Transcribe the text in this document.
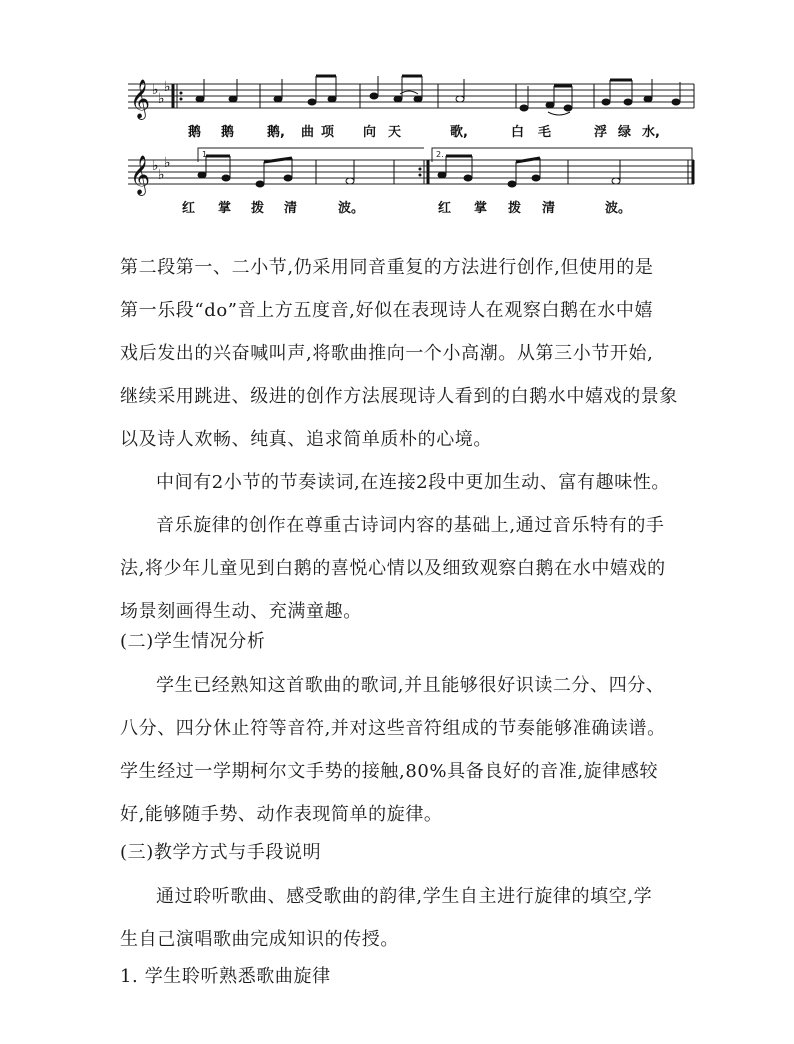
𝄞
𝄞
♭
♭
♭
♭
♭
♭
1.	2.
鹅 鹅	鹅, 曲 项 向 天	歌,	白 毛	浮 绿 水,
红 掌 拨 清	波。	红 掌 拨 清	波。

第二段第一、二小节,仍采用同音重复的方法进行创作,但使用的是
第一乐段“do”音上方五度音,好似在表现诗人在观察白鹅在水中嬉
戏后发出的兴奋喊叫声,将歌曲推向一个小高潮。从第三小节开始,
继续采用跳进、级进的创作方法展现诗人看到的白鹅水中嬉戏的景象
以及诗人欢畅、纯真、追求简单质朴的心境。

中间有2小节的节奏读词,在连接2段中更加生动、富有趣味性。

音乐旋律的创作在尊重古诗词内容的基础上,通过音乐特有的手
法,将少年儿童见到白鹅的喜悦心情以及细致观察白鹅在水中嬉戏的
场景刻画得生动、充满童趣。

(二)学生情况分析

学生已经熟知这首歌曲的歌词,并且能够很好识读二分、四分、
八分、四分休止符等音符,并对这些音符组成的节奏能够准确读谱。
学生经过一学期柯尔文手势的接触,80%具备良好的音准,旋律感较
好,能够随手势、动作表现简单的旋律。

(三)教学方式与手段说明

通过聆听歌曲、感受歌曲的韵律,学生自主进行旋律的填空,学
生自己演唱歌曲完成知识的传授。

1. 学生聆听熟悉歌曲旋律
